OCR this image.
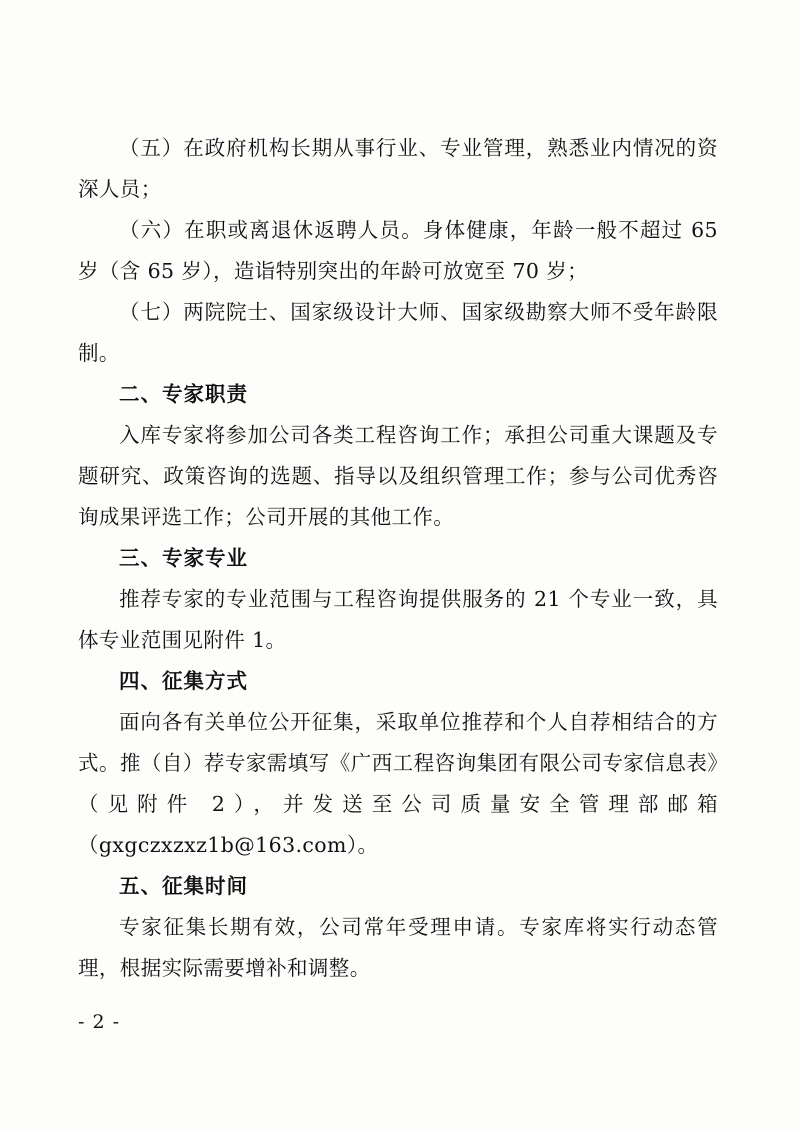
（五）在政府机构长期从事行业、专业管理，熟悉业内情况的资深人员；

（六）在职或离退休返聘人员。身体健康，年龄一般不超过 65 岁（含 65 岁），造诣特别突出的年龄可放宽至 70 岁；

（七）两院院士、国家级设计大师、国家级勘察大师不受年龄限制。

二、专家职责

入库专家将参加公司各类工程咨询工作；承担公司重大课题及专题研究、政策咨询的选题、指导以及组织管理工作；参与公司优秀咨询成果评选工作；公司开展的其他工作。

三、专家专业

推荐专家的专业范围与工程咨询提供服务的 21 个专业一致，具体专业范围见附件 1。

四、征集方式

面向各有关单位公开征集，采取单位推荐和个人自荐相结合的方式。推（自）荐专家需填写《广西工程咨询集团有限公司专家信息表》（见附件 2），并发送至公司质量安全管理部邮箱（gxgczxzxz1b@163.com）。

五、征集时间

专家征集长期有效，公司常年受理申请。专家库将实行动态管理，根据实际需要增补和调整。

- 2 -
